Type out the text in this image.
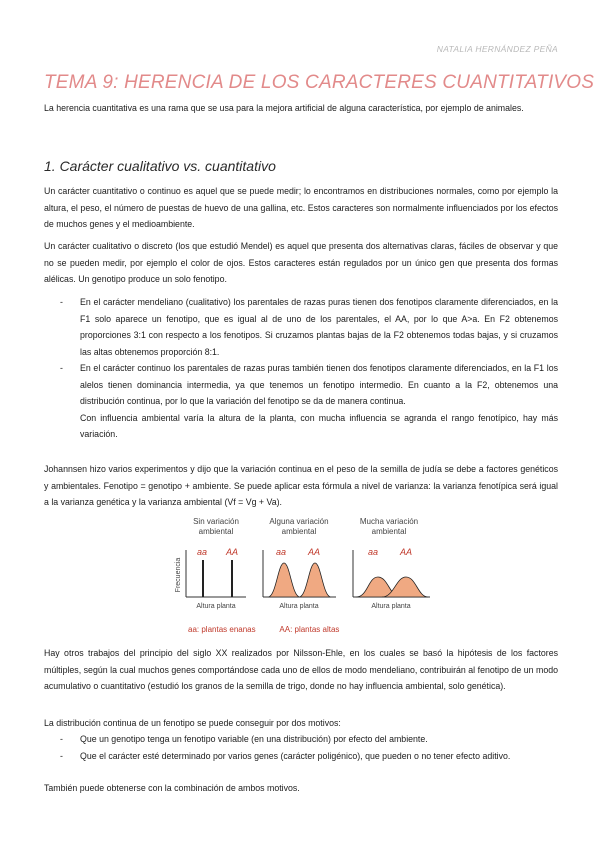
NATALIA HERNÁNDEZ PEÑA
TEMA 9: HERENCIA DE LOS CARACTERES CUANTITATIVOS
La herencia cuantitativa es una rama que se usa para la mejora artificial de alguna característica, por ejemplo de animales.
1. Carácter cualitativo vs. cuantitativo
Un carácter cuantitativo o continuo es aquel que se puede medir; lo encontramos en distribuciones normales, como por ejemplo la altura, el peso, el número de puestas de huevo de una gallina, etc. Estos caracteres son normalmente influenciados por los efectos de muchos genes y el medioambiente.
Un carácter cualitativo o discreto (los que estudió Mendel) es aquel que presenta dos alternativas claras, fáciles de observar y que no se pueden medir, por ejemplo el color de ojos. Estos caracteres están regulados por un único gen que presenta dos formas alélicas. Un genotipo produce un solo fenotipo.
- En el carácter mendeliano (cualitativo) los parentales de razas puras tienen dos fenotipos claramente diferenciados, en la F1 solo aparece un fenotipo, que es igual al de uno de los parentales, el AA, por lo que A>a. En F2 obtenemos proporciones 3:1 con respecto a los fenotipos. Si cruzamos plantas bajas de la F2 obtenemos todas bajas, y si cruzamos las altas obtenemos proporción 8:1.
- En el carácter continuo los parentales de razas puras también tienen dos fenotipos claramente diferenciados, en la F1 los alelos tienen dominancia intermedia, ya que tenemos un fenotipo intermedio. En cuanto a la F2, obtenemos una distribución continua, por lo que la variación del fenotipo se da de manera continua.
Con influencia ambiental varía la altura de la planta, con mucha influencia se agranda el rango fenotípico, hay más variación.
Johannsen hizo varios experimentos y dijo que la variación continua en el peso de la semilla de judía se debe a factores genéticos y ambientales. Fenotipo = genotipo + ambiente. Se puede aplicar esta fórmula a nivel de varianza: la varianza fenotípica será igual a la varianza genética y la varianza ambiental (Vf = Vg + Va).
Sin variación ambiental
Alguna variación ambiental
Mucha variación ambiental
aa AA	aa AA	aa AA
Frecuencia
Altura planta	Altura planta	Altura planta
aa: plantas enanas	AA: plantas altas
Hay otros trabajos del principio del siglo XX realizados por Nilsson-Ehle, en los cuales se basó la hipótesis de los factores múltiples, según la cual muchos genes comportándose cada uno de ellos de modo mendeliano, contribuirán al fenotipo de un modo acumulativo o cuantitativo (estudió los granos de la semilla de trigo, donde no hay influencia ambiental, solo genética).
La distribución continua de un fenotipo se puede conseguir por dos motivos:
- Que un genotipo tenga un fenotipo variable (en una distribución) por efecto del ambiente.
- Que el carácter esté determinado por varios genes (carácter poligénico), que pueden o no tener efecto aditivo.
También puede obtenerse con la combinación de ambos motivos.
